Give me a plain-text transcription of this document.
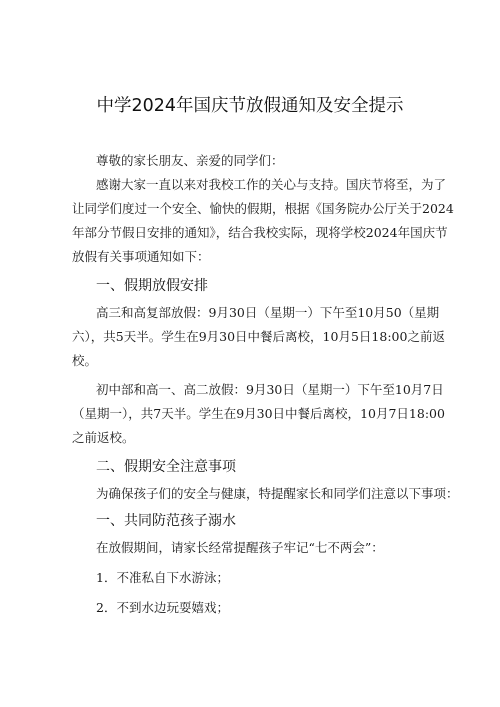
中学2024年国庆节放假通知及安全提示
尊敬的家长朋友、亲爱的同学们：
感谢大家一直以来对我校工作的关心与支持。国庆节将至，为了
让同学们度过一个安全、愉快的假期，根据《国务院办公厅关于2024
年部分节假日安排的通知》，结合我校实际，现将学校2024年国庆节
放假有关事项通知如下：
一、假期放假安排
高三和高复部放假：9月30日（星期一）下午至10月50（星期
六），共5天半。学生在9月30日中餐后离校，10月5日18:00之前返
校。
初中部和高一、高二放假：9月30日（星期一）下午至10月7日
（星期一），共7天半。学生在9月30日中餐后离校，10月7日18:00
之前返校。
二、假期安全注意事项
为确保孩子们的安全与健康，特提醒家长和同学们注意以下事项：
一、共同防范孩子溺水
在放假期间，请家长经常提醒孩子牢记“七不两会”：
1．不准私自下水游泳；
2．不到水边玩耍嬉戏；
